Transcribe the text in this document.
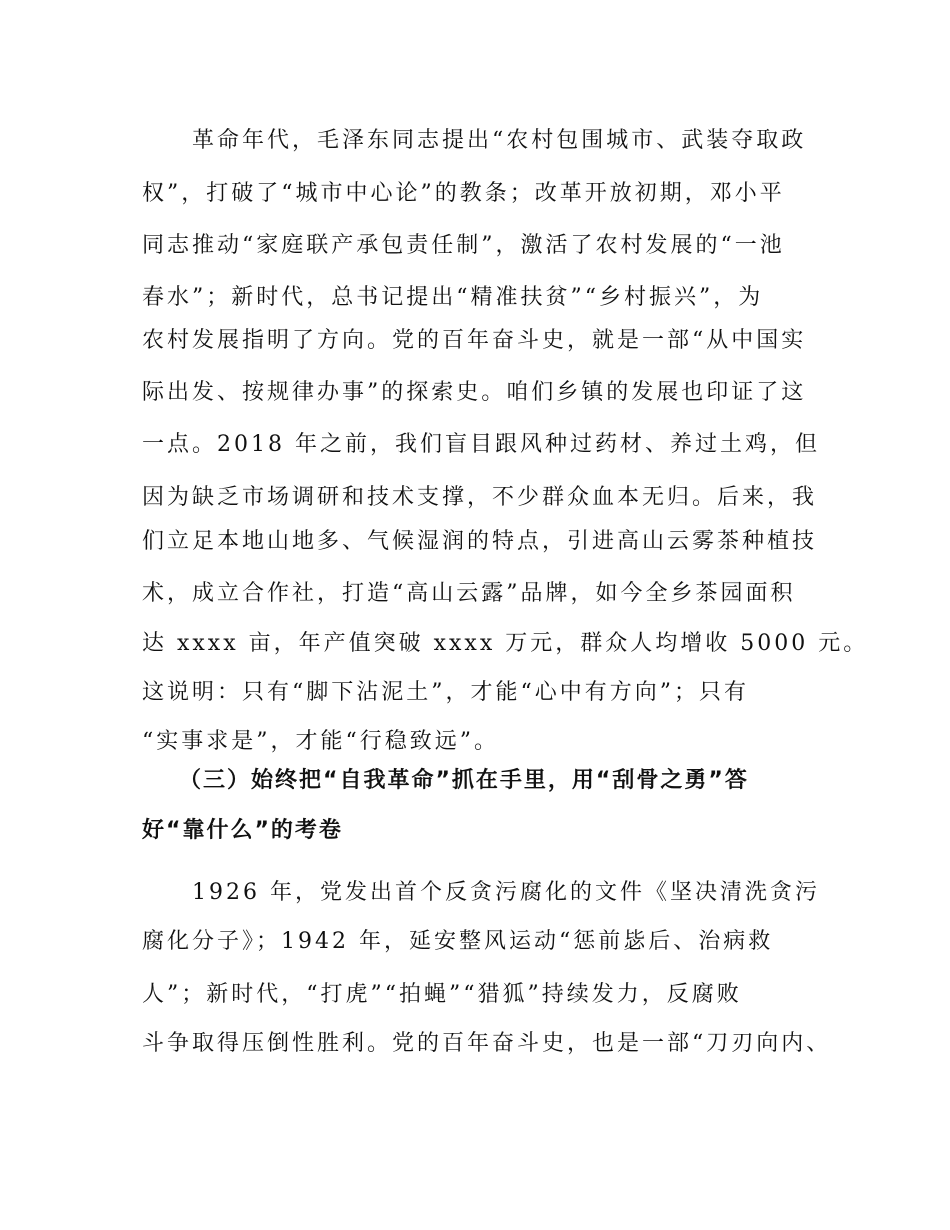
　　革命年代，毛泽东同志提出“农村包围城市、武装夺取政
权”，打破了“城市中心论”的教条；改革开放初期，邓小平
同志推动“家庭联产承包责任制”，激活了农村发展的“一池
春水”；新时代，总书记提出“精准扶贫”“乡村振兴”，为
农村发展指明了方向。党的百年奋斗史，就是一部“从中国实
际出发、按规律办事”的探索史。咱们乡镇的发展也印证了这
一点。2018 年之前，我们盲目跟风种过药材、养过土鸡，但
因为缺乏市场调研和技术支撑，不少群众血本无归。后来，我
们立足本地山地多、气候湿润的特点，引进高山云雾茶种植技
术，成立合作社，打造“高山云露”品牌，如今全乡茶园面积
达 xxxx 亩，年产值突破 xxxx 万元，群众人均增收 5000 元。
这说明：只有“脚下沾泥土”，才能“心中有方向”；只有
“实事求是”，才能“行稳致远”。
　　（三）始终把“自我革命”抓在手里，用“刮骨之勇”答
好“靠什么”的考卷
　　1926 年，党发出首个反贪污腐化的文件《坚决清洗贪污
腐化分子》；1942 年，延安整风运动“惩前毖后、治病救
人”；新时代，“打虎”“拍蝇”“猎狐”持续发力，反腐败
斗争取得压倒性胜利。党的百年奋斗史，也是一部“刀刃向内、
